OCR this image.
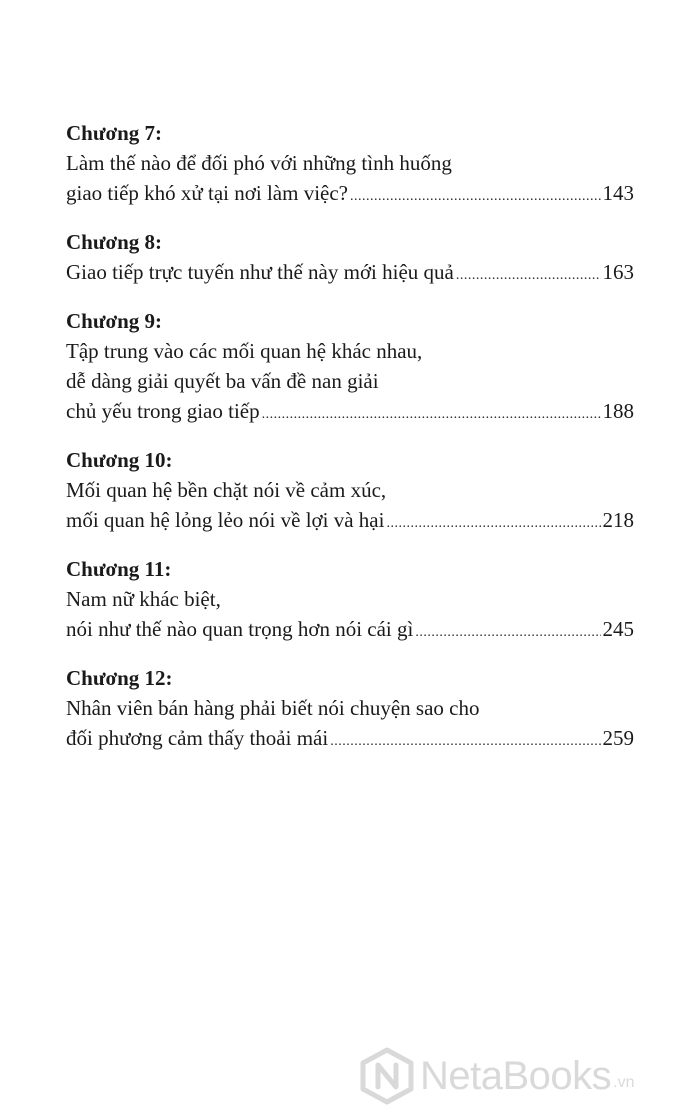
Chương 7:
Làm thế nào để đối phó với những tình huống
giao tiếp khó xử tại nơi làm việc? .....	143
Chương 8:
Giao tiếp trực tuyến như thế này mới hiệu quả .....	163
Chương 9:
Tập trung vào các mối quan hệ khác nhau,
dễ dàng giải quyết ba vấn đề nan giải
chủ yếu trong giao tiếp .....	188
Chương 10:
Mối quan hệ bền chặt nói về cảm xúc,
mối quan hệ lỏng lẻo nói về lợi và hại .....	218
Chương 11:
Nam nữ khác biệt,
nói như thế nào quan trọng hơn nói cái gì .....	245
Chương 12:
Nhân viên bán hàng phải biết nói chuyện sao cho
đối phương cảm thấy thoải mái .....	259
NetaBooks .vn
